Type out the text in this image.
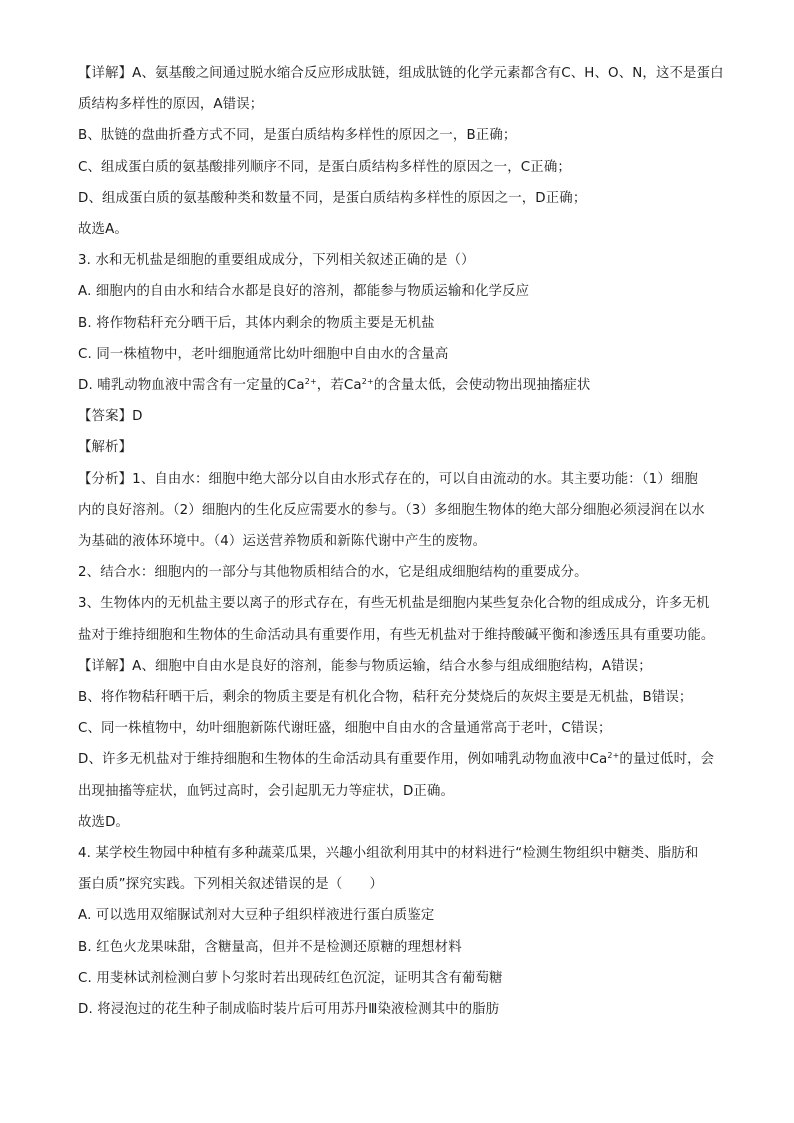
【详解】A、氨基酸之间通过脱水缩合反应形成肽链，组成肽链的化学元素都含有C、H、O、N，这不是蛋白
质结构多样性的原因，A错误；
B、肽链的盘曲折叠方式不同，是蛋白质结构多样性的原因之一，B正确；
C、组成蛋白质的氨基酸排列顺序不同，是蛋白质结构多样性的原因之一，C正确；
D、组成蛋白质的氨基酸种类和数量不同，是蛋白质结构多样性的原因之一，D正确；
故选A。
3. 水和无机盐是细胞的重要组成成分，下列相关叙述正确的是（）
A. 细胞内的自由水和结合水都是良好的溶剂，都能参与物质运输和化学反应
B. 将作物秸秆充分晒干后，其体内剩余的物质主要是无机盐
C. 同一株植物中，老叶细胞通常比幼叶细胞中自由水的含量高
D. 哺乳动物血液中需含有一定量的$Ca^{2+}$，若$Ca^{2+}$的含量太低，会使动物出现抽搐症状
【答案】D
【解析】
【分析】1、自由水：细胞中绝大部分以自由水形式存在的，可以自由流动的水。其主要功能：（1）细胞
内的良好溶剂。（2）细胞内的生化反应需要水的参与。（3）多细胞生物体的绝大部分细胞必须浸润在以水
为基础的液体环境中。（4）运送营养物质和新陈代谢中产生的废物。
2、结合水：细胞内的一部分与其他物质相结合的水，它是组成细胞结构的重要成分。
3、生物体内的无机盐主要以离子的形式存在，有些无机盐是细胞内某些复杂化合物的组成成分，许多无机
盐对于维持细胞和生物体的生命活动具有重要作用，有些无机盐对于维持酸碱平衡和渗透压具有重要功能。
【详解】A、细胞中自由水是良好的溶剂，能参与物质运输，结合水参与组成细胞结构，A错误；
B、将作物秸秆晒干后，剩余的物质主要是有机化合物，秸秆充分焚烧后的灰烬主要是无机盐，B错误；
C、同一株植物中，幼叶细胞新陈代谢旺盛，细胞中自由水的含量通常高于老叶，C错误；
D、许多无机盐对于维持细胞和生物体的生命活动具有重要作用，例如哺乳动物血液中$Ca^{2+}$的量过低时，会
出现抽搐等症状，血钙过高时，会引起肌无力等症状，D正确。
故选D。
4. 某学校生物园中种植有多种蔬菜瓜果，兴趣小组欲利用其中的材料进行“检测生物组织中糖类、脂肪和
蛋白质”探究实践。下列相关叙述错误的是（　　）
A. 可以选用双缩脲试剂对大豆种子组织样液进行蛋白质鉴定
B. 红色火龙果味甜，含糖量高，但并不是检测还原糖的理想材料
C. 用斐林试剂检测白萝卜匀浆时若出现砖红色沉淀，证明其含有葡萄糖
D. 将浸泡过的花生种子制成临时装片后可用苏丹Ⅲ染液检测其中的脂肪
